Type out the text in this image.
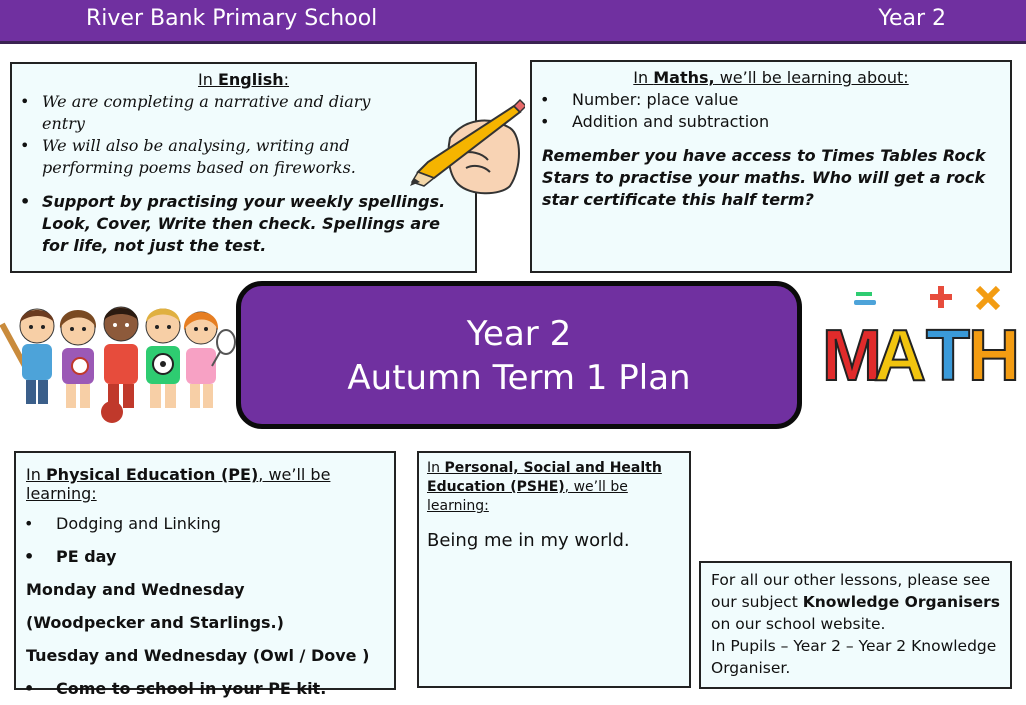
River Bank Primary School	Year 2
In English:
• We are completing a narrative and diary entry
• We will also be analysing, writing and performing poems based on fireworks.
• Support by practising your weekly spellings. Look, Cover, Write then check. Spellings are for life, not just the test.
In Maths, we’ll be learning about:
• Number: place value
• Addition and subtraction
Remember you have access to Times Tables Rock Stars to practise your maths. Who will get a rock star certificate this half term?
Year 2
Autumn Term 1 Plan	M
A T
H
In Physical Education (PE), we’ll be learning:
• Dodging and Linking
• PE day
Monday and Wednesday (Woodpecker and Starlings.)
Tuesday and Wednesday (Owl / Dove )
• Come to school in your PE kit.
In Personal, Social and Health Education (PSHE), we’ll be learning:
Being me in my world.
For all our other lessons, please see our subject Knowledge Organisers on our school website.
In Pupils – Year 2 – Year 2 Knowledge Organiser.
